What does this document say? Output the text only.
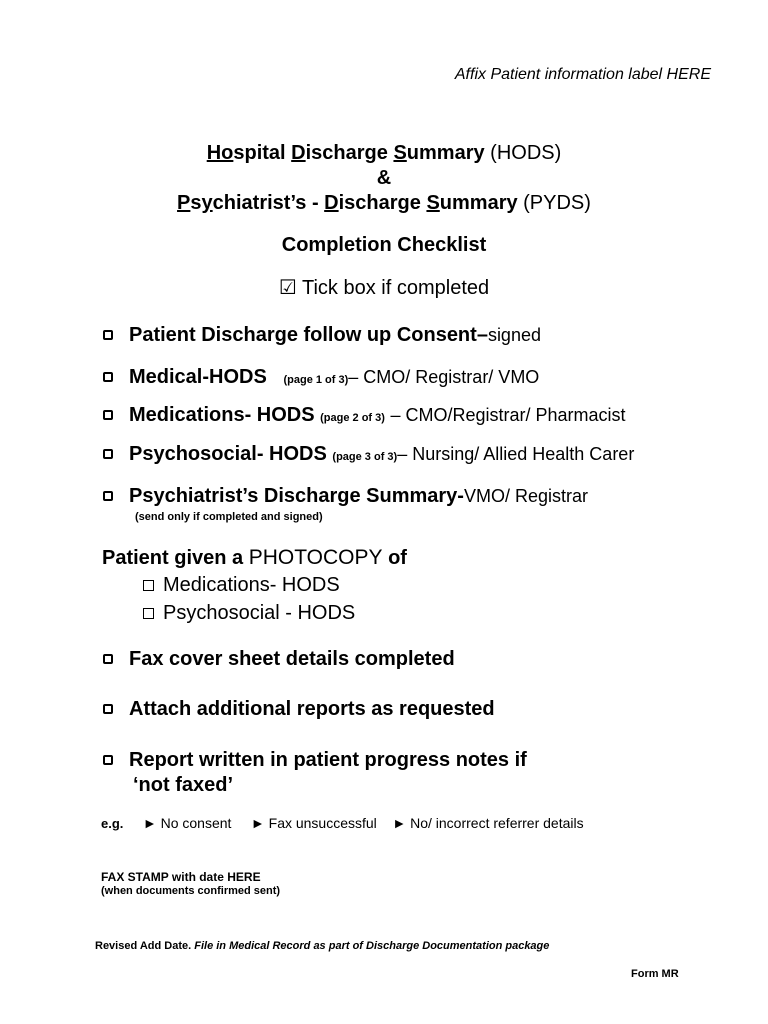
Affix Patient information label HERE
Hospital Discharge Summary (HODS)
&
Psychiatrist’s - Discharge Summary (PYDS)
Completion Checklist
☑ Tick box if completed
Patient Discharge follow up Consent – signed
Medical-HODS
(page 1 of 3) – CMO/ Registrar/ VMO
Medications- HODS
(page 2 of 3)
– CMO/Registrar/ Pharmacist
Psychosocial- HODS
(page 3 of 3) – Nursing/ Allied Health Carer
Psychiatrist’s Discharge Summary- VMO/ Registrar
(send only if completed and signed)
Patient given a PHOTOCOPY of
Medications- HODS
Psychosocial - HODS
Fax cover sheet details completed
Attach additional reports as requested
Report written in patient progress notes if
‘not faxed’
e.g. ► No consent ► Fax unsuccessful ► No/ incorrect referrer details
FAX STAMP with date HERE
(when documents confirmed sent)
Revised Add Date. File in Medical Record as part of Discharge Documentation package
Form MR
